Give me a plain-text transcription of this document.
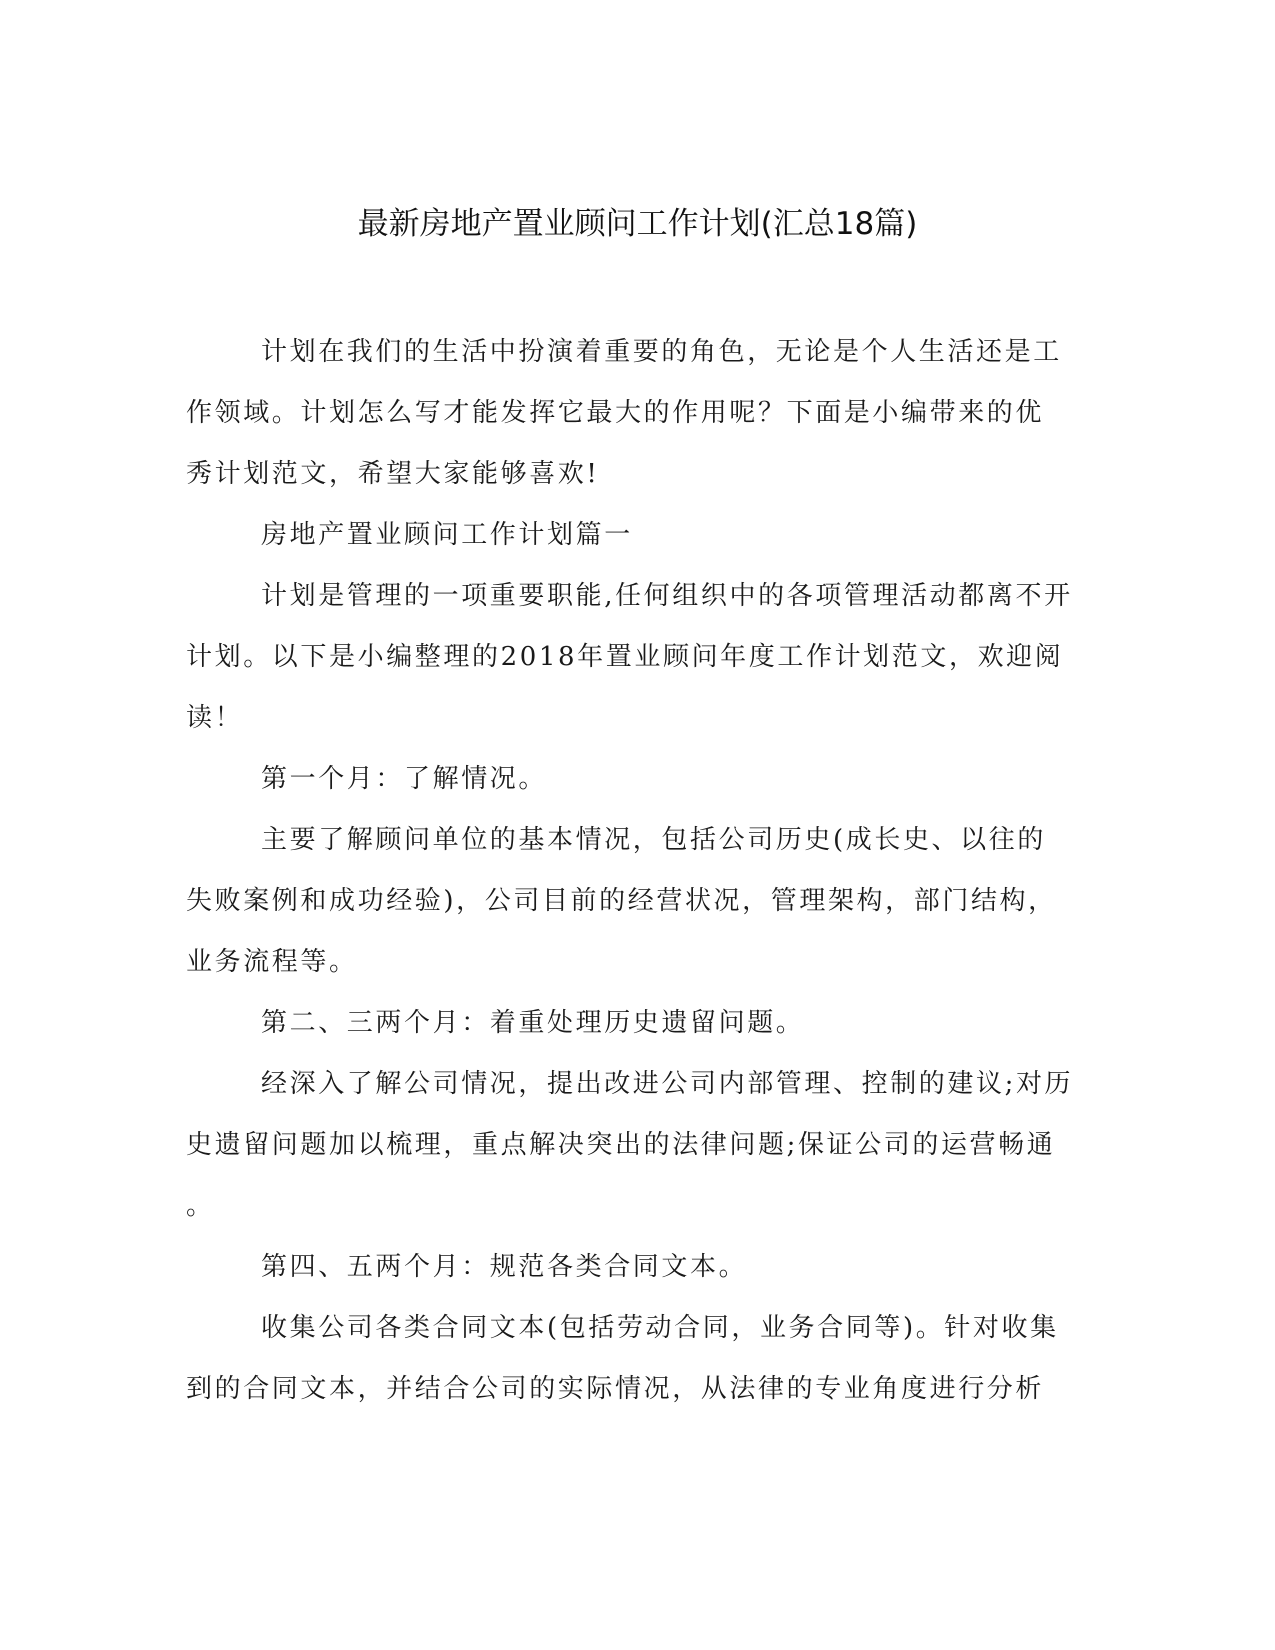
最新房地产置业顾问工作计划(汇总18篇)

计划在我们的生活中扮演着重要的角色，无论是个人生活还是工
作领域。计划怎么写才能发挥它最大的作用呢？下面是小编带来的优
秀计划范文，希望大家能够喜欢!

房地产置业顾问工作计划篇一

计划是管理的一项重要职能,任何组织中的各项管理活动都离不开
计划。以下是小编整理的2018年置业顾问年度工作计划范文，欢迎阅
读！

第一个月：了解情况。

主要了解顾问单位的基本情况，包括公司历史(成长史、以往的
失败案例和成功经验)，公司目前的经营状况，管理架构，部门结构，
业务流程等。

第二、三两个月：着重处理历史遗留问题。

经深入了解公司情况，提出改进公司内部管理、控制的建议;对历
史遗留问题加以梳理，重点解决突出的法律问题;保证公司的运营畅通
。

第四、五两个月：规范各类合同文本。

收集公司各类合同文本(包括劳动合同，业务合同等)。针对收集
到的合同文本，并结合公司的实际情况，从法律的专业角度进行分析
